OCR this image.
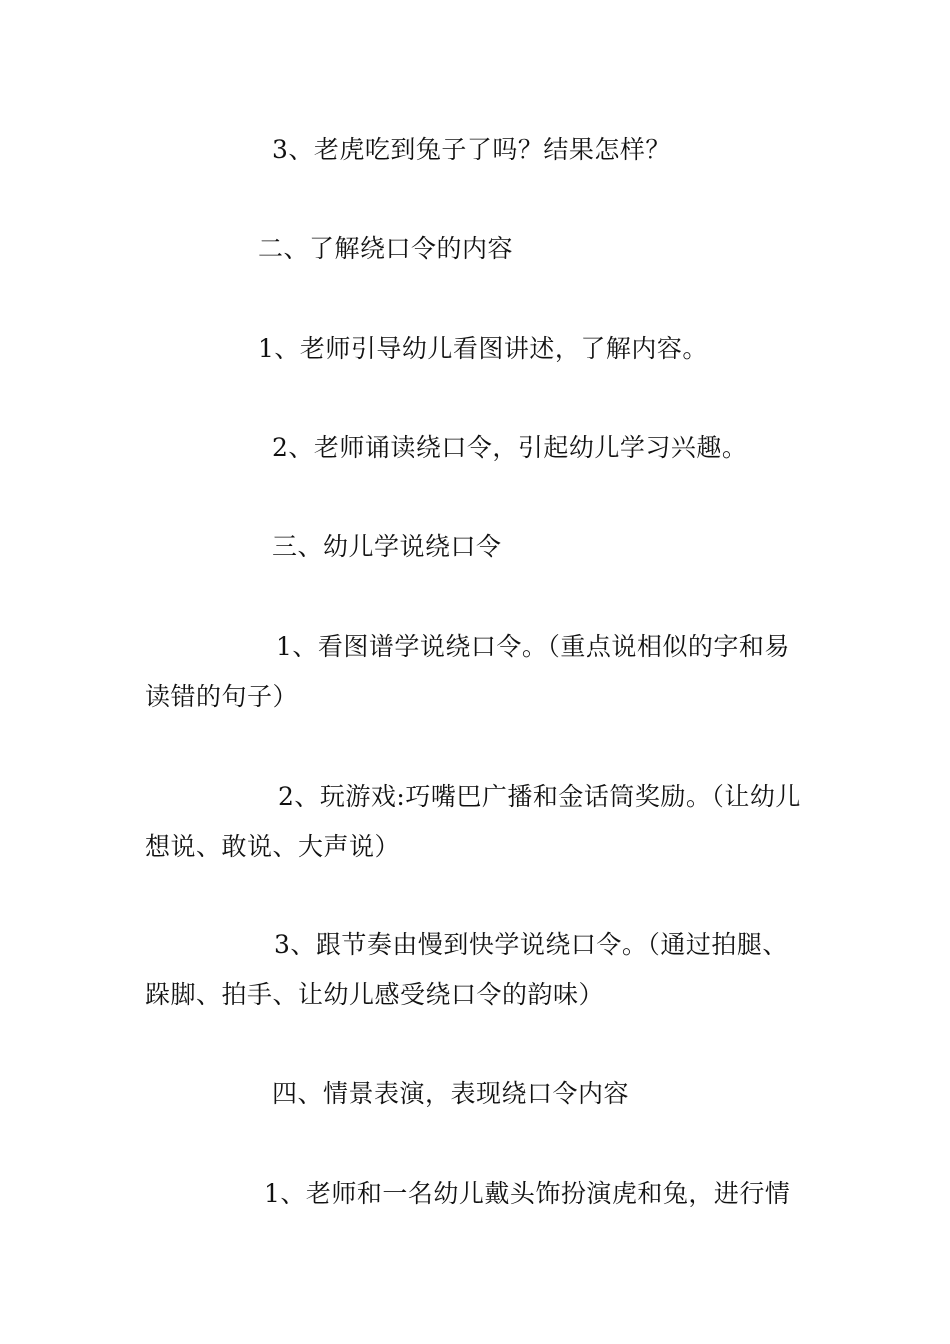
3、老虎吃到兔子了吗？结果怎样？

二、了解绕口令的内容

1、老师引导幼儿看图讲述，了解内容。

2、老师诵读绕口令，引起幼儿学习兴趣。

三、幼儿学说绕口令

1、看图谱学说绕口令。（重点说相似的字和易读错的句子）

2、玩游戏:巧嘴巴广播和金话筒奖励。（让幼儿想说、敢说、大声说）

3、跟节奏由慢到快学说绕口令。（通过拍腿、跺脚、拍手、让幼儿感受绕口令的韵味）

四、情景表演，表现绕口令内容

1、老师和一名幼儿戴头饰扮演虎和兔，进行情
